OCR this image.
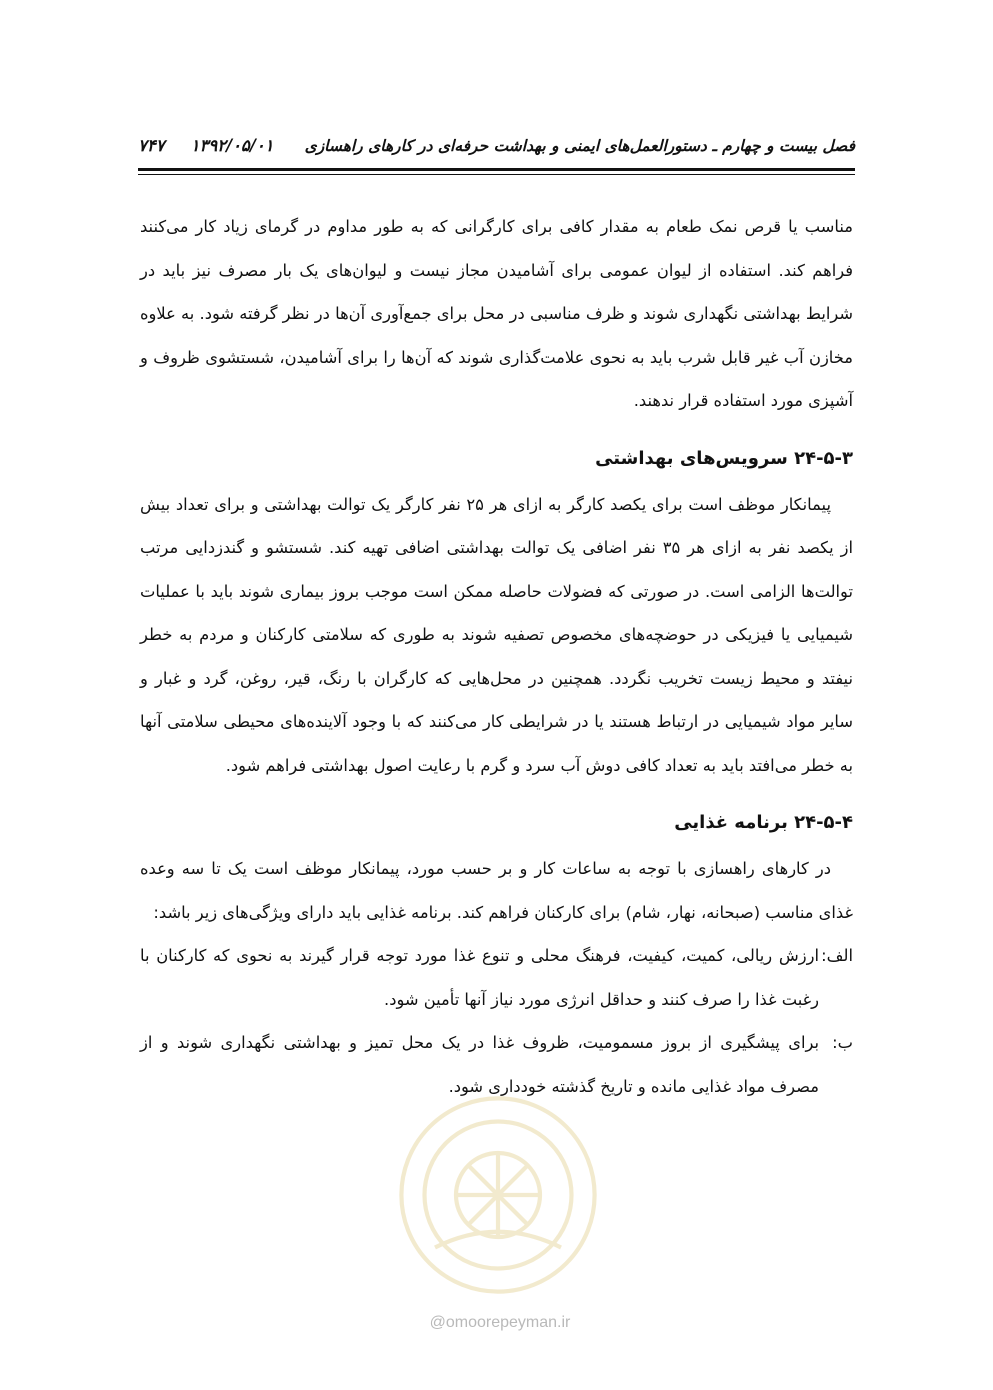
فصل بیست و چهارم ـ دستورالعمل‌های ایمنی و بهداشت حرفه‌ای در کارهای راهسازی
۱۳۹۲/۰۵/۰۱
۷۴۷

مناسب یا قرص نمک طعام به مقدار کافی برای کارگرانی که به طور مداوم در گرمای زیاد کار می‌کنند فراهم کند. استفاده از لیوان عمومی برای آشامیدن مجاز نیست و لیوان‌های یک بار مصرف نیز باید در شرایط بهداشتی نگهداری شوند و ظرف مناسبی در محل برای جمع‌آوری آن‌ها در نظر گرفته شود. به علاوه مخازن آب غیر قابل شرب باید به نحوی علامت‌گذاری شوند که آن‌ها را برای آشامیدن، شستشوی ظروف و آشپزی مورد استفاده قرار ندهند.

۲۴-۵-۳ سرویس‌های بهداشتی

پیمانکار موظف است برای یکصد کارگر به ازای هر ۲۵ نفر کارگر یک توالت بهداشتی و برای تعداد بیش از یکصد نفر به ازای هر ۳۵ نفر اضافی یک توالت بهداشتی اضافی تهیه کند. شستشو و گندزدایی مرتب توالت‌ها الزامی است. در صورتی که فضولات حاصله ممکن است موجب بروز بیماری شوند باید با عملیات شیمیایی یا فیزیکی در حوضچه‌های مخصوص تصفیه شوند به طوری که سلامتی کارکنان و مردم به خطر نیفتد و محیط زیست تخریب نگردد. همچنین در محل‌هایی که کارگران با رنگ، قیر، روغن، گرد و غبار و سایر مواد شیمیایی در ارتباط هستند یا در شرایطی کار می‌کنند که با وجود آلاینده‌های محیطی سلامتی آنها به خطر می‌افتد باید به تعداد کافی دوش آب سرد و گرم با رعایت اصول بهداشتی فراهم شود.

۲۴-۵-۴ برنامه غذایی

در کارهای راهسازی با توجه به ساعات کار و بر حسب مورد، پیمانکار موظف است یک تا سه وعده غذای مناسب (صبحانه، نهار، شام) برای کارکنان فراهم کند. برنامه غذایی باید دارای ویژگی‌های زیر باشد:

الف:
ارزش ریالی، کمیت، کیفیت، فرهنگ محلی و تنوع غذا مورد توجه قرار گیرند به نحوی که کارکنان با رغبت غذا را صرف کنند و حداقل انرژی مورد نیاز آنها تأمین شود.
ب:
برای پیشگیری از بروز مسمومیت، ظروف غذا در یک محل تمیز و بهداشتی نگهداری شوند و از مصرف مواد غذایی مانده و تاریخ گذشته خودداری شود.
@omoorepeyman.ir
